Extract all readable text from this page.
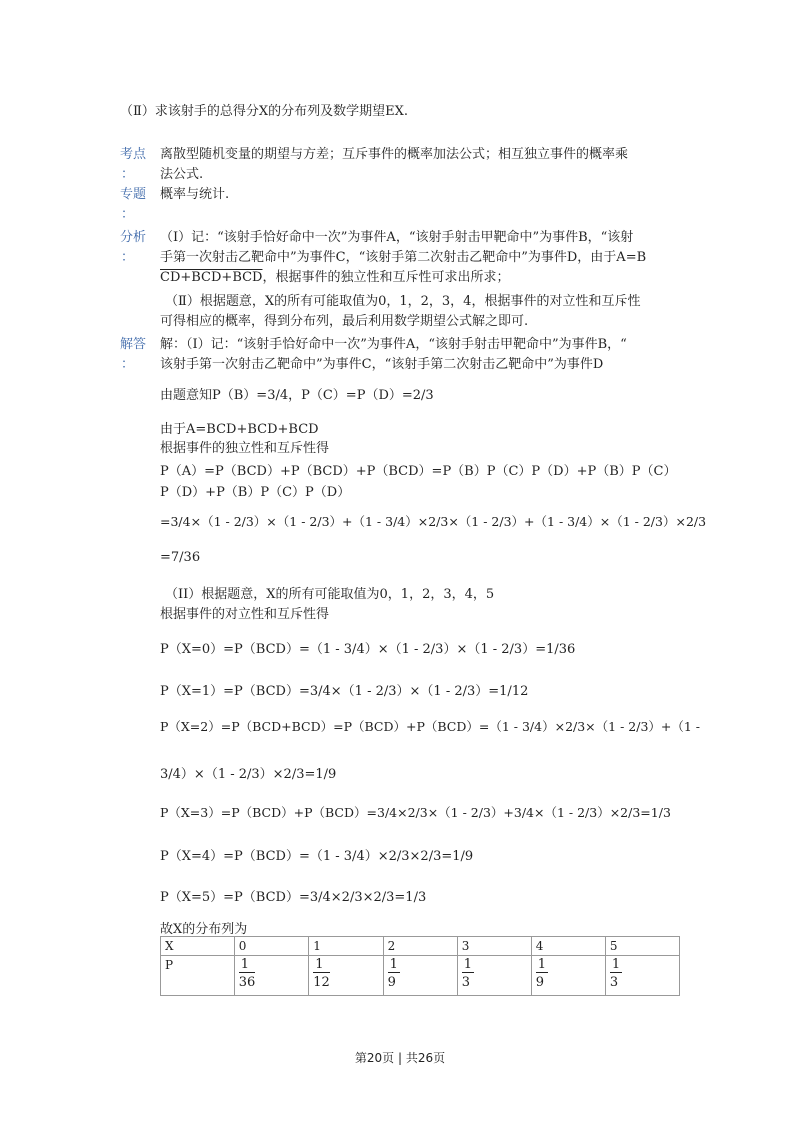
（Ⅱ）求该射手的总得分X的分布列及数学期望EX.
考点
：
离散型随机变量的期望与方差；互斥事件的概率加法公式；相互独立事件的概率乘
法公式.
专题
：
概率与统计.
分析
：
（Ⅰ）记：“该射手恰好命中一次”为事件A，“该射手射击甲靶命中”为事件B，“该射
手第一次射击乙靶命中”为事件C，“该射手第二次射击乙靶命中”为事件D，由于A=B
CD+BCD+BCD，根据事件的独立性和互斥性可求出所求；
（Ⅱ）根据题意，X的所有可能取值为0，1，2，3，4，根据事件的对立性和互斥性
可得相应的概率，得到分布列，最后利用数学期望公式解之即可.
解答
：
解：（Ⅰ）记：“该射手恰好命中一次”为事件A，“该射手射击甲靶命中”为事件B，“
该射手第一次射击乙靶命中”为事件C，“该射手第二次射击乙靶命中”为事件D
由题意知P（B）=3/4，P（C）=P（D）=2/3
由于A=BCD+BCD+BCD
根据事件的独立性和互斥性得
P（A）=P（BCD）+P（BCD）+P（BCD）=P（B）P（C）P（D）+P（B）P（C）
P（D）+P（B）P（C）P（D）
=3/4×（1 - 2/3）×（1 - 2/3）+（1 - 3/4）×2/3×（1 - 2/3）+（1 - 3/4）×（1 - 2/3）×2/3
=7/36
（II）根据题意，X的所有可能取值为0，1，2，3，4，5
根据事件的对立性和互斥性得
P（X=0）=P（BCD）=（1 - 3/4）×（1 - 2/3）×（1 - 2/3）=1/36
P（X=1）=P（BCD）=3/4×（1 - 2/3）×（1 - 2/3）=1/12
P（X=2）=P（BCD+BCD）=P（BCD）+P（BCD）=（1 - 3/4）×2/3×（1 - 2/3）+（1 -
3/4）×（1 - 2/3）×2/3=1/9
P（X=3）=P（BCD）+P（BCD）=3/4×2/3×（1 - 2/3）+3/4×（1 - 2/3）×2/3=1/3
P（X=4）=P（BCD）=（1 - 3/4）×2/3×2/3=1/9
P（X=5）=P（BCD）=3/4×2/3×2/3=1/3
故X的分布列为
X	0	1	2	3	4	5
P	$\frac{1}{36}$	$\frac{1}{12}$	$\frac{1}{9}$	$\frac{1}{3}$	$\frac{1}{9}$	$\frac{1}{3}$
第20页 | 共26页
